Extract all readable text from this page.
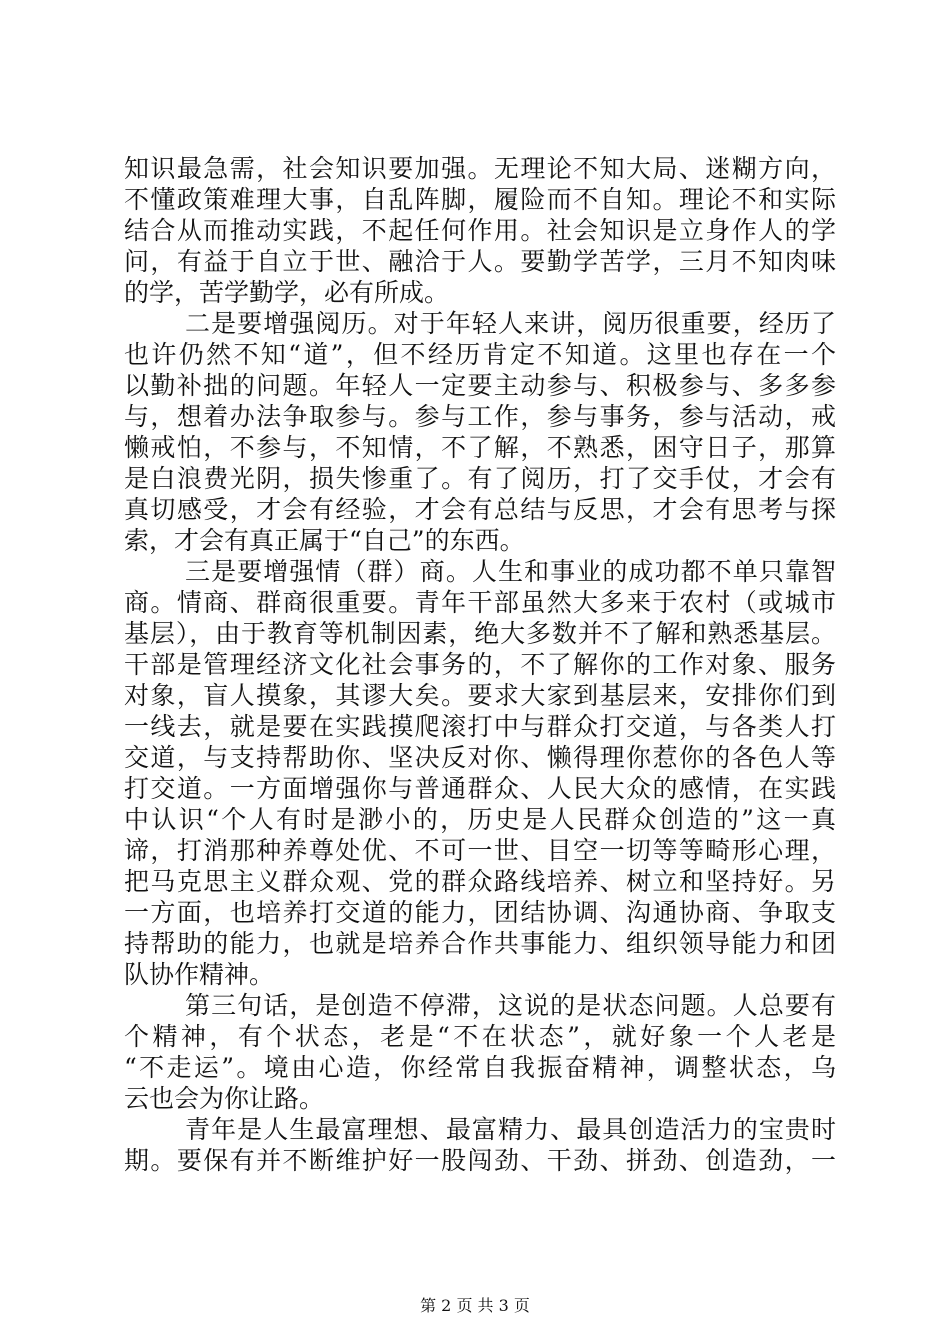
知识最急需，社会知识要加强。无理论不知大局、迷糊方向，
不懂政策难理大事，自乱阵脚，履险而不自知。理论不和实际
结合从而推动实践，不起任何作用。社会知识是立身作人的学
问，有益于自立于世、融洽于人。要勤学苦学，三月不知肉味
的学，苦学勤学，必有所成。
二是要增强阅历。对于年轻人来讲，阅历很重要，经历了
也许仍然不知“道”，但不经历肯定不知道。这里也存在一个
以勤补拙的问题。年轻人一定要主动参与、积极参与、多多参
与，想着办法争取参与。参与工作，参与事务，参与活动，戒
懒戒怕，不参与，不知情，不了解，不熟悉，困守日子，那算
是白浪费光阴，损失惨重了。有了阅历，打了交手仗，才会有
真切感受，才会有经验，才会有总结与反思，才会有思考与探
索，才会有真正属于“自己”的东西。
三是要增强情（群）商。人生和事业的成功都不单只靠智
商。情商、群商很重要。青年干部虽然大多来于农村（或城市
基层），由于教育等机制因素，绝大多数并不了解和熟悉基层。
干部是管理经济文化社会事务的，不了解你的工作对象、服务
对象，盲人摸象，其谬大矣。要求大家到基层来，安排你们到
一线去，就是要在实践摸爬滚打中与群众打交道，与各类人打
交道，与支持帮助你、坚决反对你、懒得理你惹你的各色人等
打交道。一方面增强你与普通群众、人民大众的感情，在实践
中认识“个人有时是渺小的，历史是人民群众创造的”这一真
谛，打消那种养尊处优、不可一世、目空一切等等畸形心理，
把马克思主义群众观、党的群众路线培养、树立和坚持好。另
一方面，也培养打交道的能力，团结协调、沟通协商、争取支
持帮助的能力，也就是培养合作共事能力、组织领导能力和团
队协作精神。
第三句话，是创造不停滞，这说的是状态问题。人总要有
个精神，有个状态，老是“不在状态”，就好象一个人老是
“不走运”。境由心造，你经常自我振奋精神，调整状态，乌
云也会为你让路。
青年是人生最富理想、最富精力、最具创造活力的宝贵时
期。要保有并不断维护好一股闯劲、干劲、拼劲、创造劲，一
第 2 页 共 3 页
